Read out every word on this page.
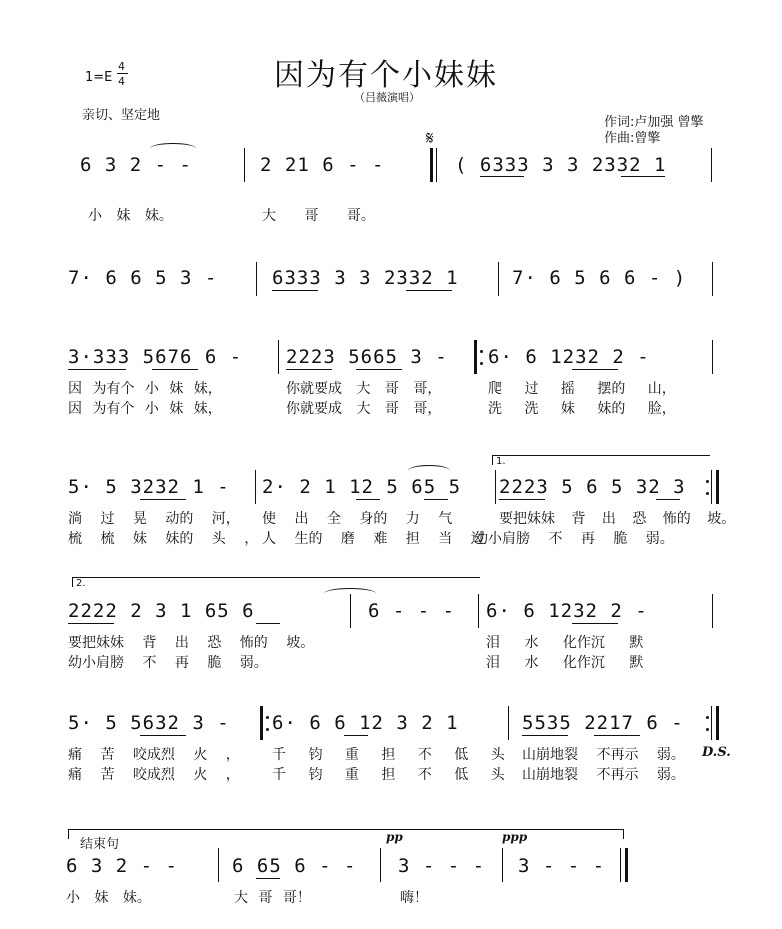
1=E
4
4	因为有个小妹妹
（吕薇演唱）
亲切、坚定地	作词:卢加强 曾擎
作曲:曾擎
6 3 2 - -	2 21 6 - -
𝄋
( 6333 3 3 2332 1
小 妹 妹。	大 哥 哥。
7· 6 6 5 3 -	6333 3 3 2332 1	7· 6 5 6 6 - )
3·333 5676 6 - 2223 5665 3 - 6· 6 1232 2 -
因 为有个 小 妹 妹，	你就要成 大 哥 哥，	爬 过 摇 摆的 山，
因 为有个 小 妹 妹，	你就要成 大 哥 哥，	洗 洗 妹 妹的 脸，
1.
5· 5 3232 1 - 2· 2 1 12 5 65 5 2223 5 6 5 32 3
淌 过 晃 动的 河， 使 出 全 身的 力 气	要把妹妹 背 出 恐 怖的 坡。
梳 梳 妹 妹的 头 ， 人 生的 磨 难 担 当 过
幼小肩膀 不 再 脆 弱。
2.
2222 2 3 1 65 6	6 - - - 6· 6 1232 2 -
要把妹妹 背 出 恐 怖的 坡。	泪 水 化作沉 默
幼小肩膀 不 再 脆 弱。	泪 水 化作沉 默
5· 5 5632 3 - 6· 6 6 12 3 2 1	5535 2217 6 -
D.S.
痛 苦 咬成烈 火 ， 千 钧 重 担 不 低 头 山崩地裂 不再示 弱。
痛 苦 咬成烈 火 ， 千 钧 重 担 不 低 头 山崩地裂 不再示 弱。
结束句	pp	ppp
6 3 2 - -	6 65 6 - - 3 - - - 3 - - -
小 妹 妹。	大 哥 哥！	嗨！
